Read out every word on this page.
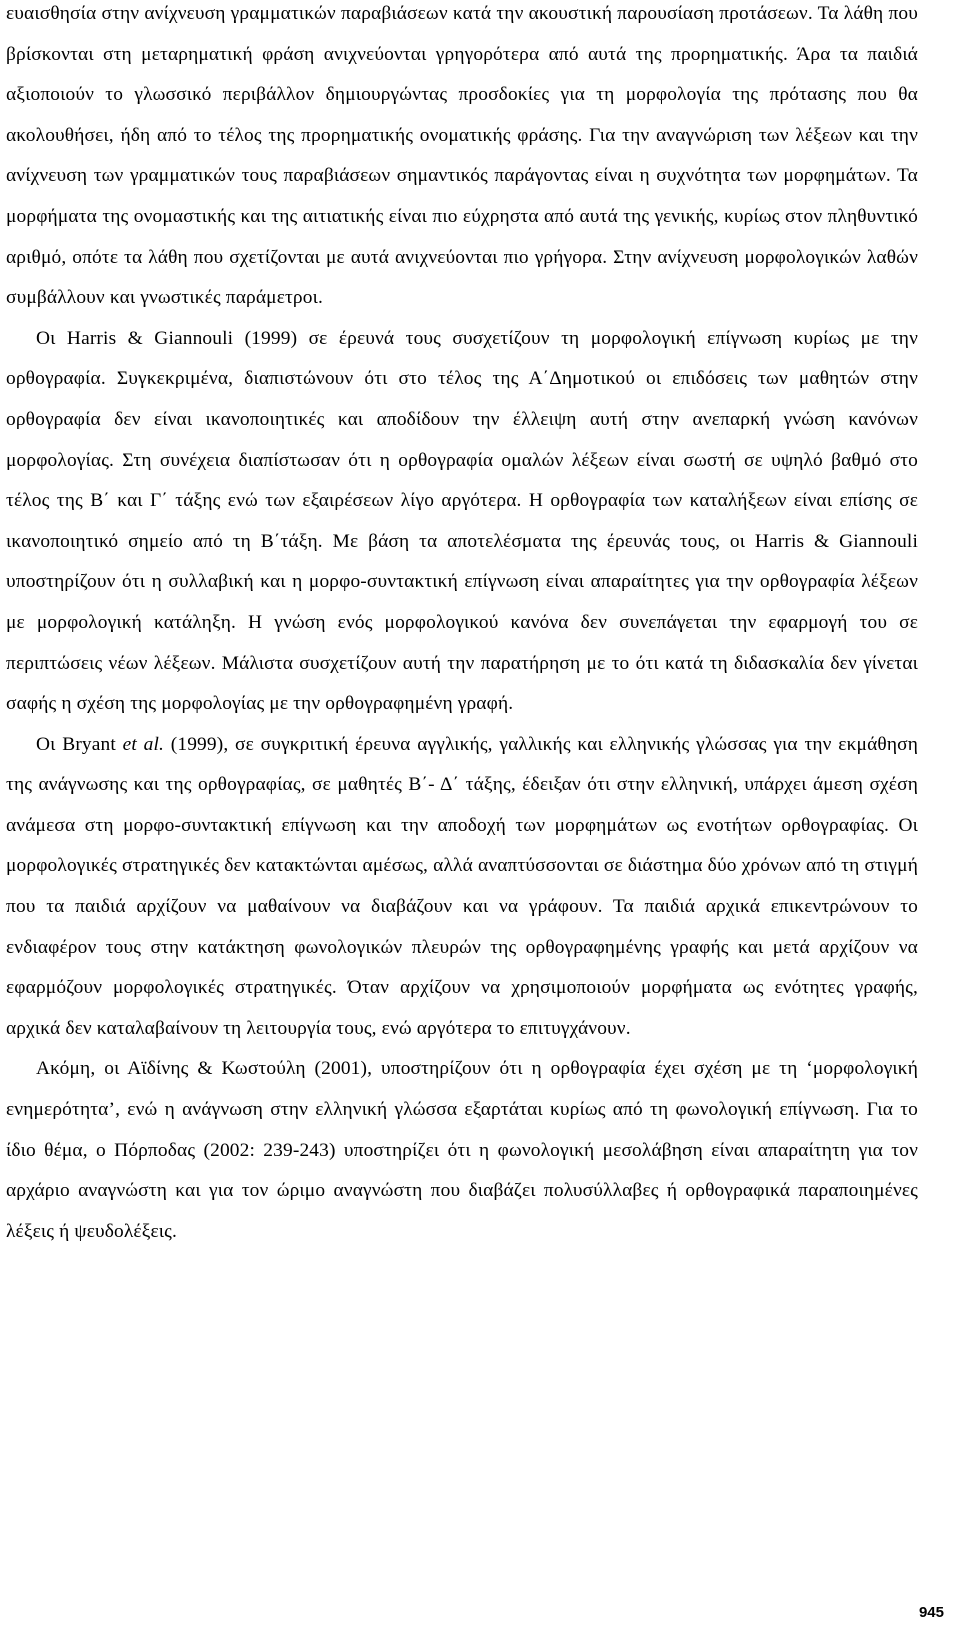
ευαισθησία στην ανίχνευση γραμματικών παραβιάσεων κατά την ακουστική παρουσίαση προτάσεων. Τα λάθη που βρίσκονται στη μεταρηματική φράση ανιχνεύονται γρηγορότερα από αυτά της προρηματικής. Άρα τα παιδιά αξιοποιούν το γλωσσικό περιβάλλον δημιουργώντας προσδοκίες για τη μορφολογία της πρότασης που θα ακολουθήσει, ήδη από το τέλος της προρηματικής ονοματικής φράσης. Για την αναγνώριση των λέξεων και την ανίχνευση των γραμματικών τους παραβιάσεων σημαντικός παράγοντας είναι η συχνότητα των μορφημάτων. Τα μορφήματα της ονομαστικής και της αιτιατικής είναι πιο εύχρηστα από αυτά της γενικής, κυρίως στον πληθυντικό αριθμό, οπότε τα λάθη που σχετίζονται με αυτά ανιχνεύονται πιο γρήγορα. Στην ανίχνευση μορφολογικών λαθών συμβάλλουν και γνωστικές παράμετροι.

Οι Harris & Giannouli (1999) σε έρευνά τους συσχετίζουν τη μορφολογική επίγνωση κυρίως με την ορθογραφία. Συγκεκριμένα, διαπιστώνουν ότι στο τέλος της Α΄Δημοτικού οι επιδόσεις των μαθητών στην ορθογραφία δεν είναι ικανοποιητικές και αποδίδουν την έλλειψη αυτή στην ανεπαρκή γνώση κανόνων μορφολογίας. Στη συνέχεια διαπίστωσαν ότι η ορθογραφία ομαλών λέξεων είναι σωστή σε υψηλό βαθμό στο τέλος της Β΄ και Γ΄ τάξης ενώ των εξαιρέσεων λίγο αργότερα. Η ορθογραφία των καταλήξεων είναι επίσης σε ικανοποιητικό σημείο από τη Β΄τάξη. Με βάση τα αποτελέσματα της έρευνάς τους, οι Harris & Giannouli υποστηρίζουν ότι η συλλαβική και η μορφο-συντακτική επίγνωση είναι απαραίτητες για την ορθογραφία λέξεων με μορφολογική κατάληξη. Η γνώση ενός μορφολογικού κανόνα δεν συνεπάγεται την εφαρμογή του σε περιπτώσεις νέων λέξεων. Μάλιστα συσχετίζουν αυτή την παρατήρηση με το ότι κατά τη διδασκαλία δεν γίνεται σαφής η σχέση της μορφολογίας με την ορθογραφημένη γραφή.

Οι Bryant et al. (1999), σε συγκριτική έρευνα αγγλικής, γαλλικής και ελληνικής γλώσσας για την εκμάθηση της ανάγνωσης και της ορθογραφίας, σε μαθητές Β΄- Δ΄ τάξης, έδειξαν ότι στην ελληνική, υπάρχει άμεση σχέση ανάμεσα στη μορφο-συντακτική επίγνωση και την αποδοχή των μορφημάτων ως ενοτήτων ορθογραφίας. Οι μορφολογικές στρατηγικές δεν κατακτώνται αμέσως, αλλά αναπτύσσονται σε διάστημα δύο χρόνων από τη στιγμή που τα παιδιά αρχίζουν να μαθαίνουν να διαβάζουν και να γράφουν. Τα παιδιά αρχικά επικεντρώνουν το ενδιαφέρον τους στην κατάκτηση φωνολογικών πλευρών της ορθογραφημένης γραφής και μετά αρχίζουν να εφαρμόζουν μορφολογικές στρατηγικές. Όταν αρχίζουν να χρησιμοποιούν μορφήματα ως ενότητες γραφής, αρχικά δεν καταλαβαίνουν τη λειτουργία τους, ενώ αργότερα το επιτυγχάνουν.

Ακόμη, οι Αϊδίνης & Κωστούλη (2001), υποστηρίζουν ότι η ορθογραφία έχει σχέση με τη ‘μορφολογική ενημερότητα’, ενώ η ανάγνωση στην ελληνική γλώσσα εξαρτάται κυρίως από τη φωνολογική επίγνωση. Για το ίδιο θέμα, ο Πόρποδας (2002: 239-243) υποστηρίζει ότι η φωνολογική μεσολάβηση είναι απαραίτητη για τον αρχάριο αναγνώστη και για τον ώριμο αναγνώστη που διαβάζει πολυσύλλαβες ή ορθογραφικά παραποιημένες λέξεις ή ψευδολέξεις.

945
